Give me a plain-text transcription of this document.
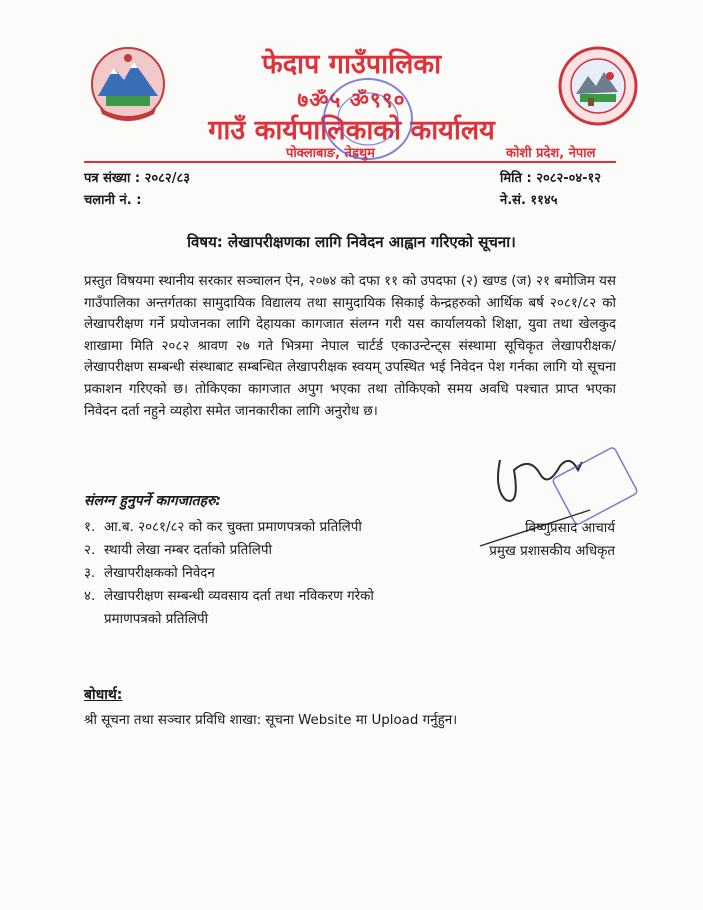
फेदाप गाउँपालिका
७ॐ५ ॐ९९०
गाउँ कार्यपालिकाको कार्यालय
पोक्लाबाङ, तेह्रथुम	कोशी प्रदेश, नेपाल
पत्र संख्या : २०८२/८३
चलानी नं. :
मिति : २०८२-०४-१२
ने.सं. ११४५
विषय: लेखापरीक्षणका लागि निवेदन आह्वान गरिएको सूचना।

प्रस्तुत विषयमा स्थानीय सरकार सञ्चालन ऐन, २०७४ को दफा ११ को उपदफा (२) खण्ड (ज) २१ बमोजिम यस गाउँपालिका अन्तर्गतका सामुदायिक विद्यालय तथा सामुदायिक सिकाई केन्द्रहरुको आर्थिक बर्ष २०८१/८२ को लेखापरीक्षण गर्ने प्रयोजनका लागि देहायका कागजात संलग्न गरी यस कार्यालयको शिक्षा, युवा तथा खेलकुद शाखामा मिति २०८२ श्रावण २७ गते भित्रमा नेपाल चार्टर्ड एकाउन्टेन्ट्स संस्थामा सूचिकृत लेखापरीक्षक/लेखापरीक्षण सम्बन्धी संस्थाबाट सम्बन्धित लेखापरीक्षक स्वयम् उपस्थित भई निवेदन पेश गर्नका लागि यो सूचना प्रकाशन गरिएको छ। तोकिएका कागजात अपुग भएका तथा तोकिएको समय अवधि पश्चात प्राप्त भएका निवेदन दर्ता नहुने व्यहोरा समेत जानकारीका लागि अनुरोध छ।

संलग्न हुनुपर्ने कागजातहरु:
१. आ.ब. २०८१/८२ को कर चुक्ता प्रमाणपत्रको प्रतिलिपी
२. स्थायी लेखा नम्बर दर्ताको प्रतिलिपी
३. लेखापरीक्षकको निवेदन
४. लेखापरीक्षण सम्बन्धी व्यवसाय दर्ता तथा नविकरण गरेको प्रमाणपत्रको प्रतिलिपी
विष्णुप्रसाद आचार्य
प्रमुख प्रशासकीय अधिकृत
बोधार्थ:
श्री सूचना तथा सञ्चार प्रविधि शाखा: सूचना Website मा Upload गर्नुहुन।
